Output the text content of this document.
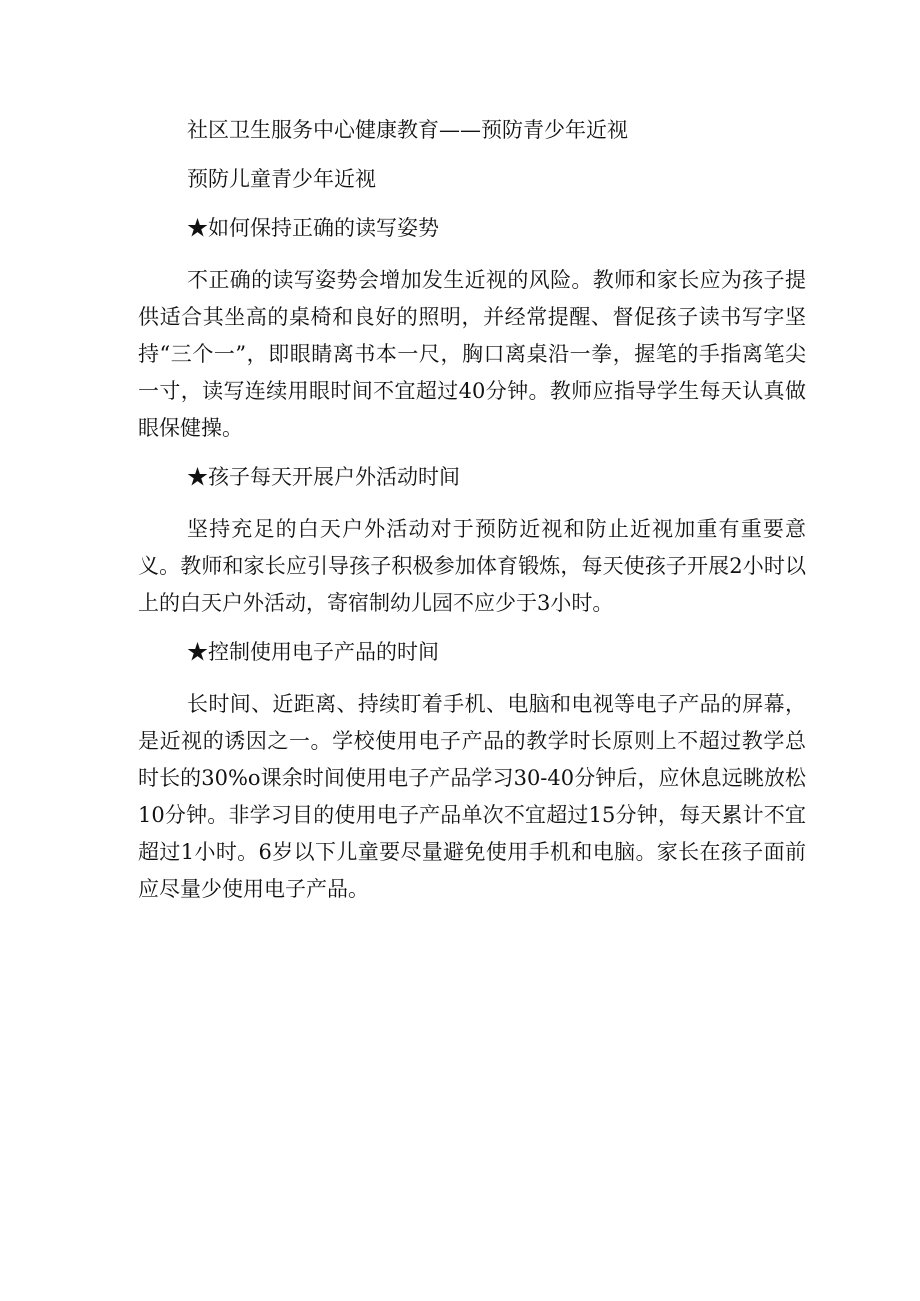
社区卫生服务中心健康教育——预防青少年近视

预防儿童青少年近视

★如何保持正确的读写姿势

不正确的读写姿势会增加发生近视的风险。教师和家长应为孩子提供适合其坐高的桌椅和良好的照明，并经常提醒、督促孩子读书写字坚持“三个一”，即眼睛离书本一尺，胸口离桌沿一拳，握笔的手指离笔尖一寸，读写连续用眼时间不宜超过40分钟。教师应指导学生每天认真做眼保健操。

★孩子每天开展户外活动时间

坚持充足的白天户外活动对于预防近视和防止近视加重有重要意义。教师和家长应引导孩子积极参加体育锻炼，每天使孩子开展2小时以上的白天户外活动，寄宿制幼儿园不应少于3小时。

★控制使用电子产品的时间

长时间、近距离、持续盯着手机、电脑和电视等电子产品的屏幕，是近视的诱因之一。学校使用电子产品的教学时长原则上不超过教学总时长的30%o课余时间使用电子产品学习30-40分钟后，应休息远眺放松10分钟。非学习目的使用电子产品单次不宜超过15分钟，每天累计不宜超过1小时。6岁以下儿童要尽量避免使用手机和电脑。家长在孩子面前应尽量少使用电子产品。
